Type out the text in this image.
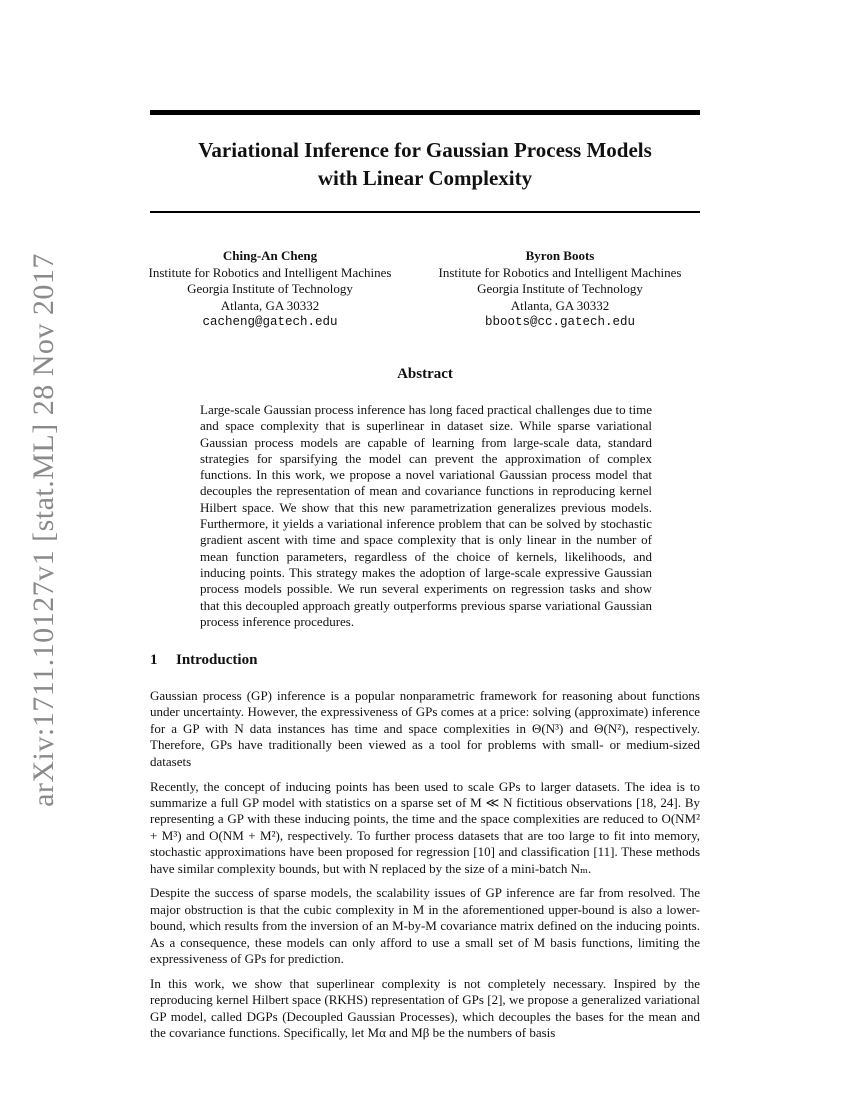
arXiv:1711.10127v1 [stat.ML] 28 Nov 2017
Variational Inference for Gaussian Process Models
with Linear Complexity
Ching-An Cheng
Institute for Robotics and Intelligent Machines
Georgia Institute of Technology
Atlanta, GA 30332
cacheng@gatech.edu
Byron Boots
Institute for Robotics and Intelligent Machines
Georgia Institute of Technology
Atlanta, GA 30332
bboots@cc.gatech.edu
Abstract
Large-scale Gaussian process inference has long faced practical challenges due to time and space complexity that is superlinear in dataset size. While sparse variational Gaussian process models are capable of learning from large-scale data, standard strategies for sparsifying the model can prevent the approximation of complex functions. In this work, we propose a novel variational Gaussian process model that decouples the representation of mean and covariance functions in reproducing kernel Hilbert space. We show that this new parametrization generalizes previous models. Furthermore, it yields a variational inference problem that can be solved by stochastic gradient ascent with time and space complexity that is only linear in the number of mean function parameters, regardless of the choice of kernels, likelihoods, and inducing points. This strategy makes the adoption of large-scale expressive Gaussian process models possible. We run several experiments on regression tasks and show that this decoupled approach greatly outperforms previous sparse variational Gaussian process inference procedures.
1 Introduction

Gaussian process (GP) inference is a popular nonparametric framework for reasoning about functions under uncertainty. However, the expressiveness of GPs comes at a price: solving (approximate) inference for a GP with N data instances has time and space complexities in Θ(N³) and Θ(N²), respectively. Therefore, GPs have traditionally been viewed as a tool for problems with small- or medium-sized datasets

Recently, the concept of inducing points has been used to scale GPs to larger datasets. The idea is to summarize a full GP model with statistics on a sparse set of M ≪ N fictitious observations [18, 24]. By representing a GP with these inducing points, the time and the space complexities are reduced to O(NM² + M³) and O(NM + M²), respectively. To further process datasets that are too large to fit into memory, stochastic approximations have been proposed for regression [10] and classification [11]. These methods have similar complexity bounds, but with N replaced by the size of a mini-batch Nₘ.

Despite the success of sparse models, the scalability issues of GP inference are far from resolved. The major obstruction is that the cubic complexity in M in the aforementioned upper-bound is also a lower-bound, which results from the inversion of an M-by-M covariance matrix defined on the inducing points. As a consequence, these models can only afford to use a small set of M basis functions, limiting the expressiveness of GPs for prediction.

In this work, we show that superlinear complexity is not completely necessary. Inspired by the reproducing kernel Hilbert space (RKHS) representation of GPs [2], we propose a generalized variational GP model, called DGPs (Decoupled Gaussian Processes), which decouples the bases for the mean and the covariance functions. Specifically, let Mα and Mβ be the numbers of basis
